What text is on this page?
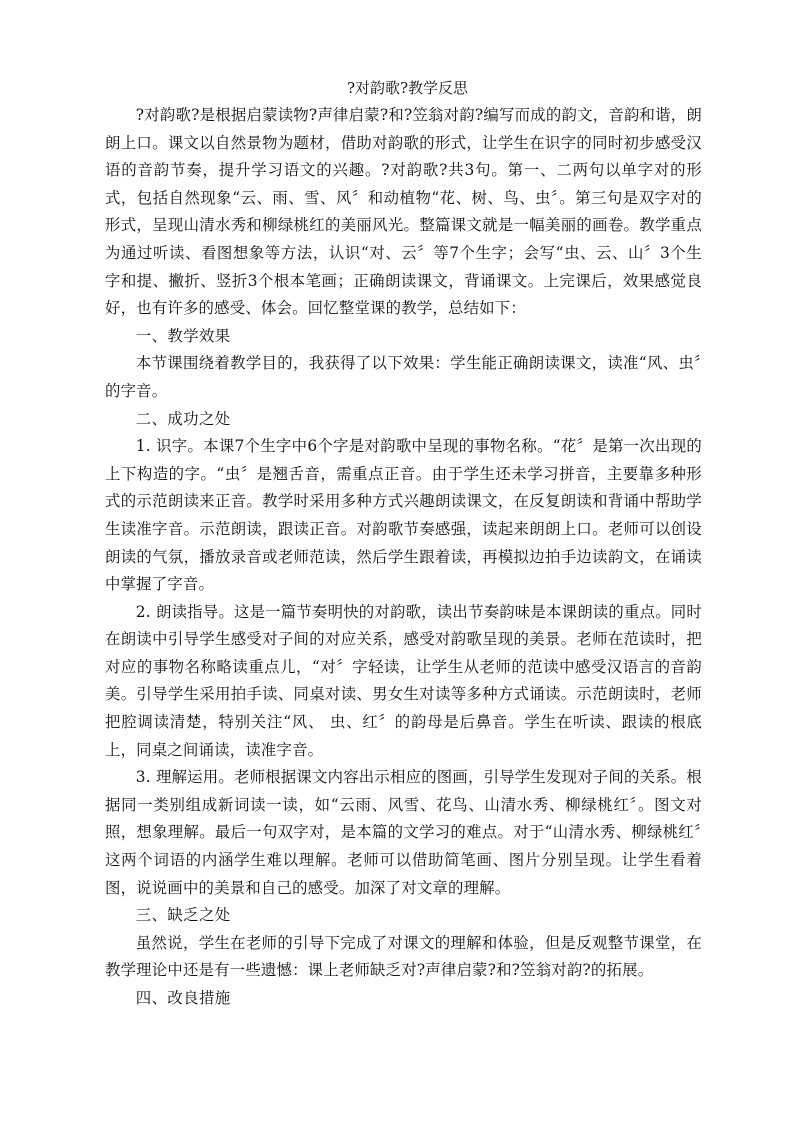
?对韵歌?教学反思

?对韵歌?是根据启蒙读物?声律启蒙?和?笠翁对韵?编写而成的韵文，音韵和谐，朗朗上口。课文以自然景物为题材，借助对韵歌的形式，让学生在识字的同时初步感受汉语的音韵节奏，提升学习语文的兴趣。?对韵歌?共3句。第一、二两句以单字对的形式，包括自然现象“云、雨、雪、风〞和动植物“花、树、鸟、虫〞。第三句是双字对的形式，呈现山清水秀和柳绿桃红的美丽风光。整篇课文就是一幅美丽的画卷。教学重点为通过听读、看图想象等方法，认识“对、云〞等7个生字；会写“虫、云、山〞3个生字和提、撇折、竖折3个根本笔画；正确朗读课文，背诵课文。上完课后，效果感觉良好，也有许多的感受、体会。回忆整堂课的教学，总结如下：

一、教学效果

本节课围绕着教学目的，我获得了以下效果：学生能正确朗读课文，读准“风、虫〞的字音。

二、成功之处

1. 识字。本课7个生字中6个字是对韵歌中呈现的事物名称。“花〞是第一次出现的上下构造的字。“虫〞是翘舌音，需重点正音。由于学生还未学习拼音，主要靠多种形式的示范朗读来正音。教学时采用多种方式兴趣朗读课文，在反复朗读和背诵中帮助学生读准字音。示范朗读，跟读正音。对韵歌节奏感强，读起来朗朗上口。老师可以创设朗读的气氛，播放录音或老师范读，然后学生跟着读，再模拟边拍手边读韵文，在诵读中掌握了字音。

2. 朗读指导。这是一篇节奏明快的对韵歌，读出节奏韵味是本课朗读的重点。同时在朗读中引导学生感受对子间的对应关系，感受对韵歌呈现的美景。老师在范读时，把对应的事物名称略读重点儿，“对〞字轻读，让学生从老师的范读中感受汉语言的音韵美。引导学生采用拍手读、同桌对读、男女生对读等多种方式诵读。示范朗读时，老师把腔调读清楚，特别关注“风、 虫、红〞的韵母是后鼻音。学生在听读、跟读的根底上，同桌之间诵读，读准字音。

3. 理解运用。老师根据课文内容出示相应的图画，引导学生发现对子间的关系。根据同一类别组成新词读一读，如“云雨、风雪、花鸟、山清水秀、柳绿桃红〞。图文对照，想象理解。最后一句双字对，是本篇的文学习的难点。对于“山清水秀、柳绿桃红〞这两个词语的内涵学生难以理解。老师可以借助简笔画、图片分别呈现。让学生看着图，说说画中的美景和自己的感受。加深了对文章的理解。

三、缺乏之处

虽然说，学生在老师的引导下完成了对课文的理解和体验，但是反观整节课堂，在教学理论中还是有一些遗憾：课上老师缺乏对?声律启蒙?和?笠翁对韵?的拓展。

四、改良措施
